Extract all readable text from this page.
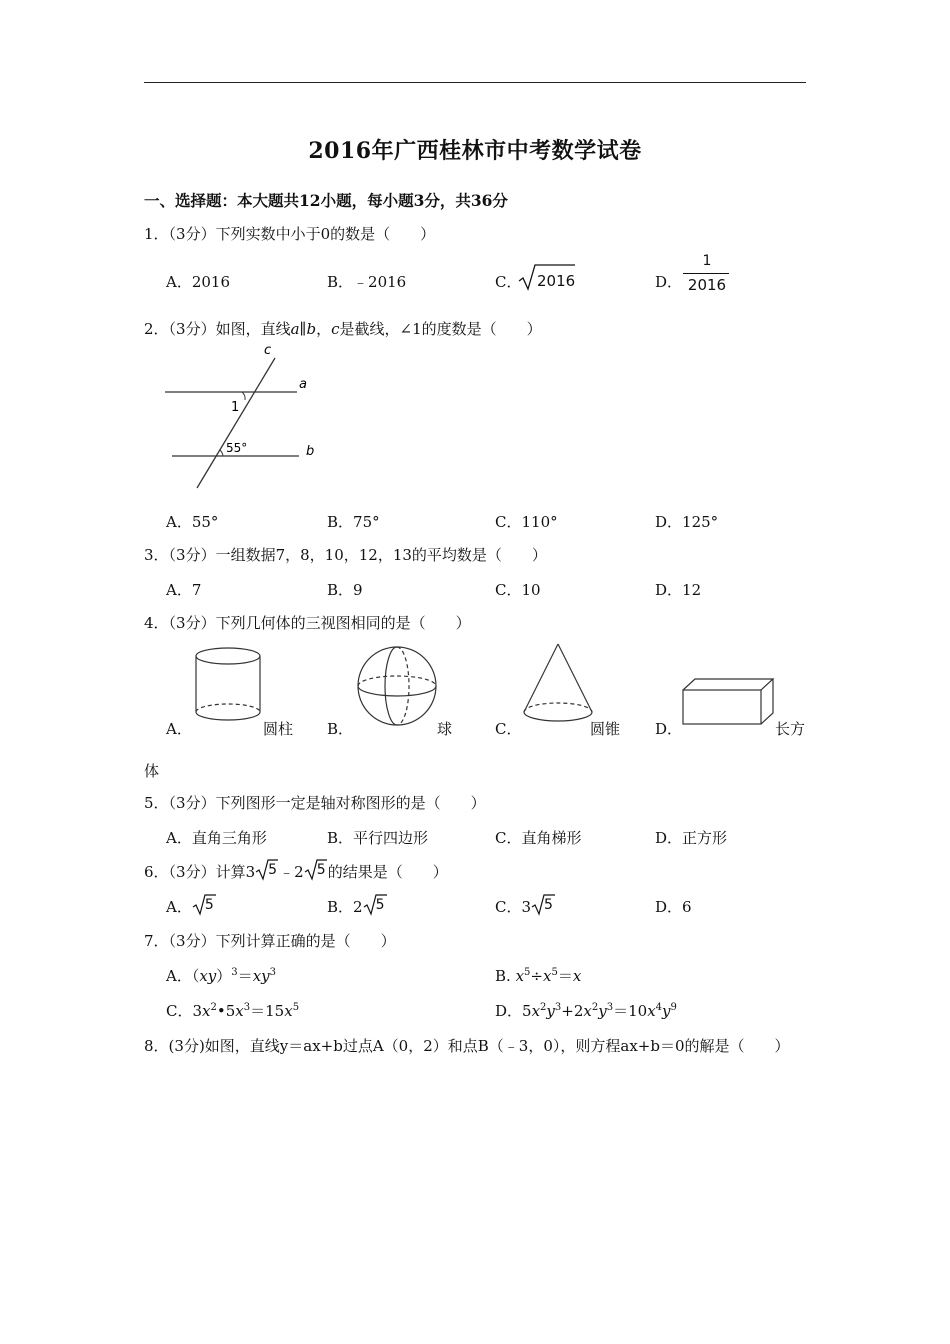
2016年广西桂林市中考数学试卷
一、选择题：本大题共12小题，每小题3分，共36分
1．（3分）下列实数中小于0的数是（　　）
A．2016	B．﹣2016	C． 2016	D．
1
2016
2．（3分）如图，直线a∥b，c是截线，∠1的度数是（　　）
c
a
b
1
55°
A．55°	B．75°	C．110°	D．125°
3．（3分）一组数据7，8，10，12，13的平均数是（　　）
A．7	B．9	C．10	D．12
4．（3分）下列几何体的三视图相同的是（　　）
A．	圆柱 B．	球	C．	圆锥 D．	长方
体
5．（3分）下列图形一定是轴对称图形的是（　　）
A．直角三角形	B．平行四边形	C．直角梯形	D．正方形
6．（3分）计算3 5 ﹣2 5 的结果是（　　）
A． 5	B．2 5	C．3 5	D．6
7．（3分）下列计算正确的是（　　）
A．$(xy)^3=xy^3$	B. $x^5\div x^5=x$
C．$3x^2•5x^3=15x^5$	D．$5x^2y^3+2x^2y^3=10x^4y^9$
8．(3分)如图，直线y＝ax+b过点A（0，2）和点B（﹣3，0），则方程ax+b＝0的解是（　　）
